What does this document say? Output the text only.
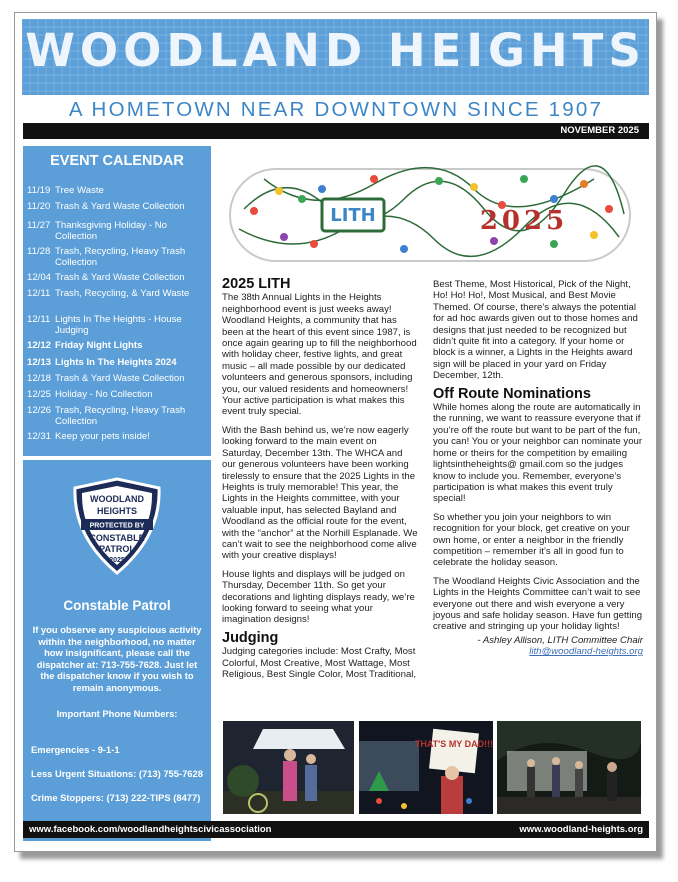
WOODLAND HEIGHTS
A HOMETOWN NEAR DOWNTOWN SINCE 1907
NOVEMBER 2025
EVENT CALENDAR
11/19 Tree Waste
11/20 Trash & Yard Waste Collection
11/27 Thanksgiving Holiday - No Collection
11/28 Trash, Recycling, Heavy Trash Collection
12/04 Trash & Yard Waste Collection
12/11 Trash, Recycling, & Yard Waste
12/11 Lights In The Heights - House Judging
12/12 Friday Night Lights
12/13 Lights In The Heights 2024
12/18 Trash & Yard Waste Collection
12/25 Holiday - No Collection
12/26 Trash, Recycling, Heavy Trash Collection
12/31 Keep your pets inside!
WOODLAND
HEIGHTS
PROTECTED BY
CONSTABLE
PATROL
2025
Constable Patrol
If you observe any suspicious activity within the neighborhood, no matter how insignificant, please call the dispatcher at: 713-755-7628. Just let the dispatcher know if you wish to remain anonymous.
Important Phone Numbers:
Emergencies - 9-1-1
Less Urgent Situations: (713) 755-7628
Crime Stoppers: (713) 222-TIPS (8477)
LITH	2025
2025 LITH

The 38th Annual Lights in the Heights neighborhood event is just weeks away! Woodland Heights, a community that has been at the heart of this event since 1987, is once again gearing up to fill the neighborhood with holiday cheer, festive lights, and great music – all made possible by our dedicated volunteers and generous sponsors, including you, our valued residents and homeowners! Your active participation is what makes this event truly special.

With the Bash behind us, we’re now eagerly looking forward to the main event on Saturday, December 13th. The WHCA and our generous volunteers have been working tirelessly to ensure that the 2025 Lights in the Heights is truly memorable! This year, the Lights in the Heights committee, with your valuable input, has selected Bayland and Woodland as the official route for the event, with the “anchor” at the Norhill Esplanade. We can’t wait to see the neighborhood come alive with your creative displays!

House lights and displays will be judged on Thursday, December 11th. So get your decorations and lighting displays ready, we’re looking forward to seeing what your imagination designs!

Judging

Judging categories include: Most Crafty, Most Colorful, Most Creative, Most Wattage, Most Religious, Best Single Color, Most Traditional,

Best Theme, Most Historical, Pick of the Night, Ho! Ho! Ho!, Most Musical, and Best Movie Themed. Of course, there’s always the potential for ad hoc awards given out to those homes and designs that just needed to be recognized but didn’t quite fit into a category. If your home or block is a winner, a Lights in the Heights award sign will be placed in your yard on Friday December, 12th.

Off Route Nominations

While homes along the route are automatically in the running, we want to reassure everyone that if you’re off the route but want to be part of the fun, you can! You or your neighbor can nominate your home or theirs for the competition by emailing lightsintheheights@ gmail.com so the judges know to include you. Remember, everyone’s participation is what makes this event truly special!

So whether you join your neighbors to win recognition for your block, get creative on your own home, or enter a neighbor in the friendly competition – remember it’s all in good fun to celebrate the holiday season.

The Woodland Heights Civic Association and the Lights in the Heights Committee can’t wait to see everyone out there and wish everyone a very joyous and safe holiday season. Have fun getting creative and stringing up your holiday lights!

- Ashley Allison, LITH Committee Chair
lith@woodland-heights.org
THAT'S MY DAD!!!
www.facebook.com/woodlandheightscivicassociation	www.woodland-heights.org
